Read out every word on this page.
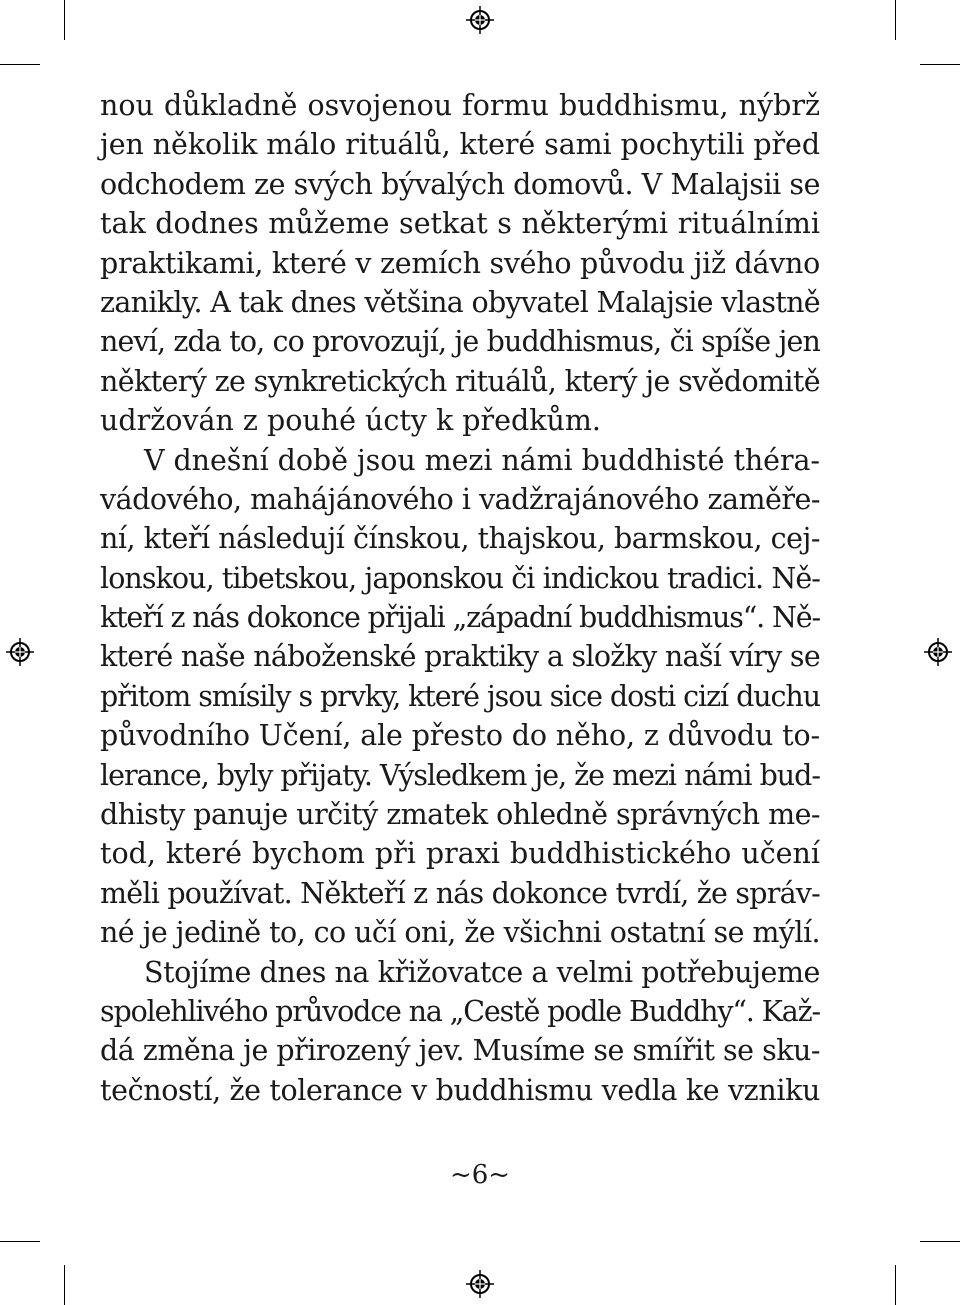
nou důkladně osvojenou formu buddhismu, nýbrž
jen několik málo rituálů, které sami pochytili před
odchodem ze svých bývalých domovů. V Malajsii se
tak dodnes můžeme setkat s některými rituálními
praktikami, které v zemích svého původu již dávno
zanikly. A tak dnes většina obyvatel Malajsie vlastně
neví, zda to, co provozují, je buddhismus, či spíše jen
některý ze synkretických rituálů, který je svědomitě
udržován z pouhé úcty k předkům.
V dnešní době jsou mezi námi buddhisté théra-
vádového, mahájánového i vadžrajánového zaměře-
ní, kteří následují čínskou, thajskou, barmskou, cej-
lonskou, tibetskou, japonskou či indickou tradici. Ně-
kteří z nás dokonce přijali „západní buddhismus“. Ně-
které naše náboženské praktiky a složky naší víry se
přitom smísily s prvky, které jsou sice dosti cizí duchu
původního Učení, ale přesto do něho, z důvodu to-
lerance, byly přijaty. Výsledkem je, že mezi námi bud-
dhisty panuje určitý zmatek ohledně správných me-
tod, které bychom při praxi buddhistického učení
měli používat. Někteří z nás dokonce tvrdí, že správ-
né je jedině to, co učí oni, že všichni ostatní se mýlí.
Stojíme dnes na křižovatce a velmi potřebujeme
spolehlivého průvodce na „Cestě podle Buddhy“. Kaž-
dá změna je přirozený jev. Musíme se smířit se sku-
tečností, že tolerance v buddhismu vedla ke vzniku
~6~
